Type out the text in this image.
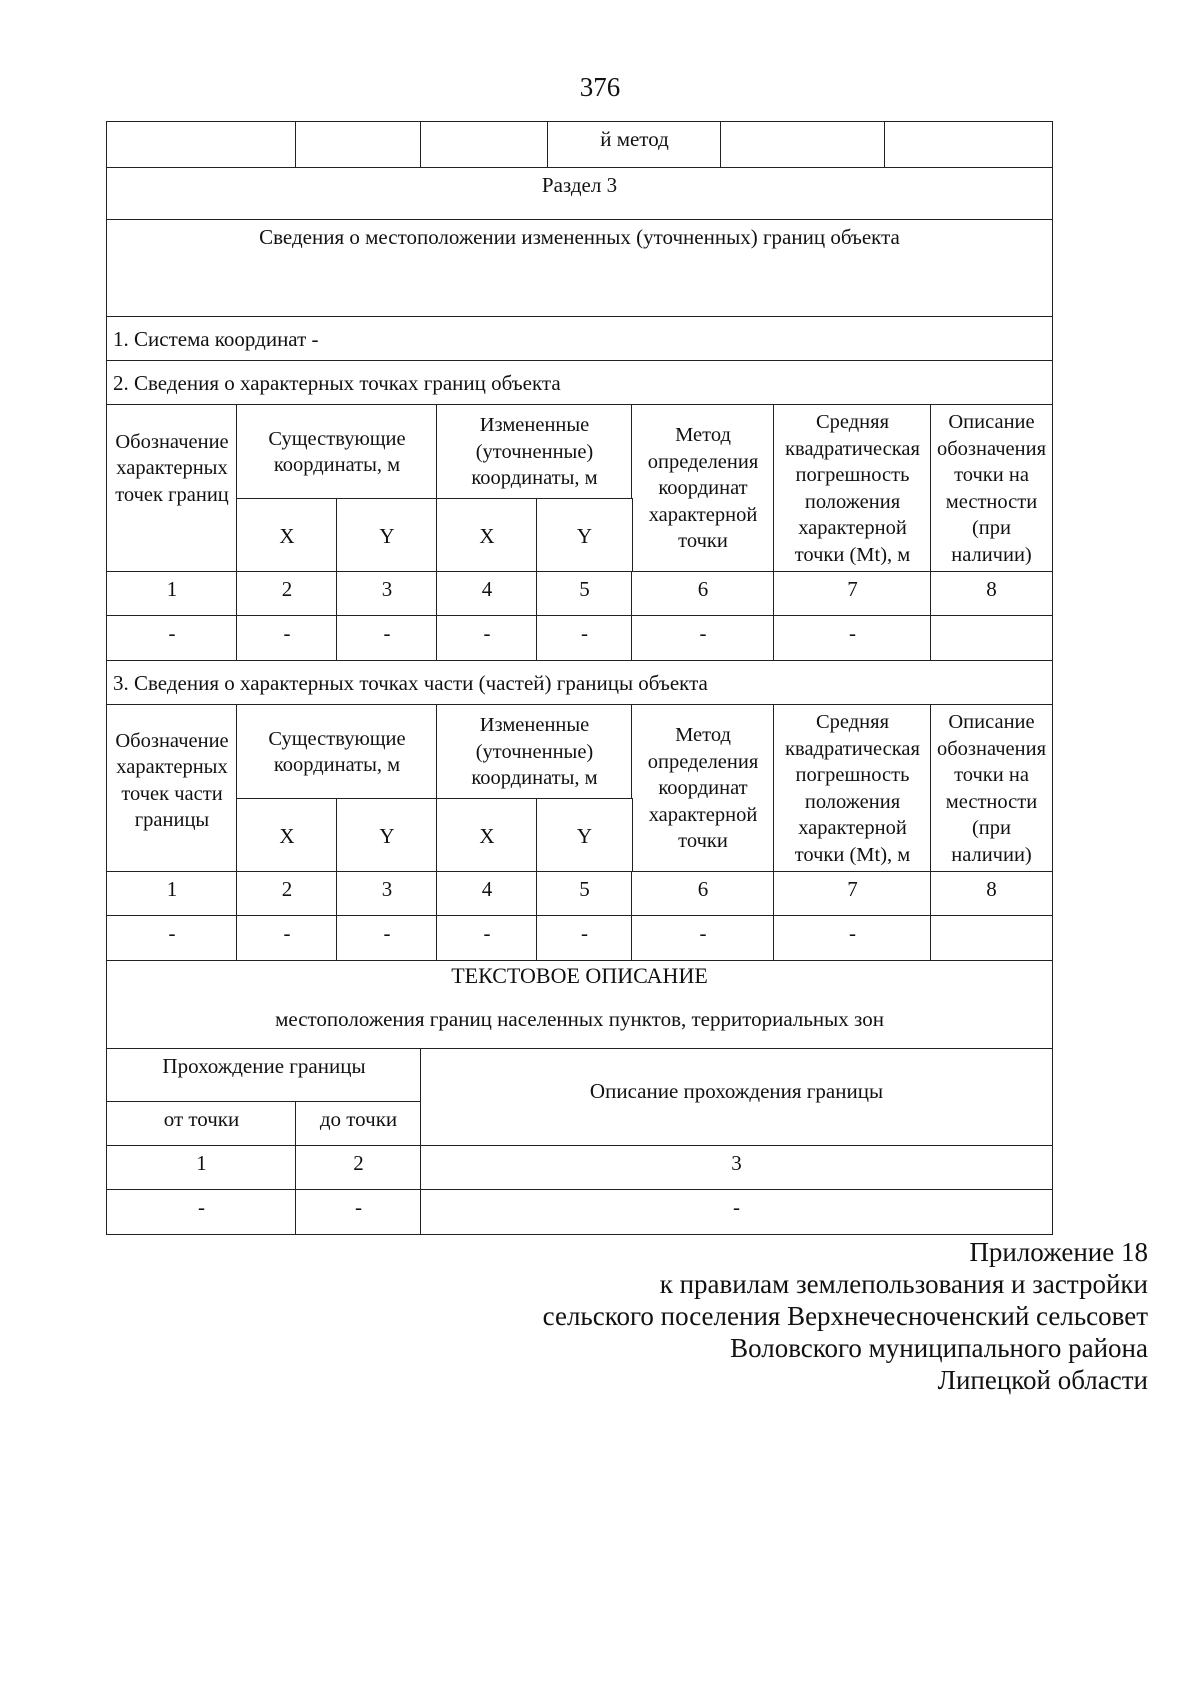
376
й метод
Раздел 3
Сведения о местоположении измененных (уточненных) границ объекта
1. Система координат -
2. Сведения о характерных точках границ объекта
Обозначение характерных точек границ
Существующие координаты, м
Измененные (уточненные) координаты, м
Метод определения координат характерной точки
Средняя квадратическая погрешность положения характерной точки (Mt), м
Описание обозначения точки на местности (при наличии)
X	Y	X	Y
1	2	3	4	5	6	7	8
-	-	-	-	-	-	-
3. Сведения о характерных точках части (частей) границы объекта
Обозначение характерных точек части границы
Существующие координаты, м
Измененные (уточненные) координаты, м
Метод определения координат характерной точки
Средняя квадратическая погрешность положения характерной точки (Mt), м
Описание обозначения точки на местности (при наличии)
X	Y	X	Y
1	2	3	4	5	6	7	8
-	-	-	-	-	-	-
ТЕКСТОВОЕ ОПИСАНИЕ
местоположения границ населенных пунктов, территориальных зон
Прохождение границы
от точки	до точки
Описание прохождения границы
1	2	3
-	-	-
Приложение 18
к правилам землепользования и застройки
сельского поселения Верхнечесноченский сельсовет
Воловского муниципального района
Липецкой области
